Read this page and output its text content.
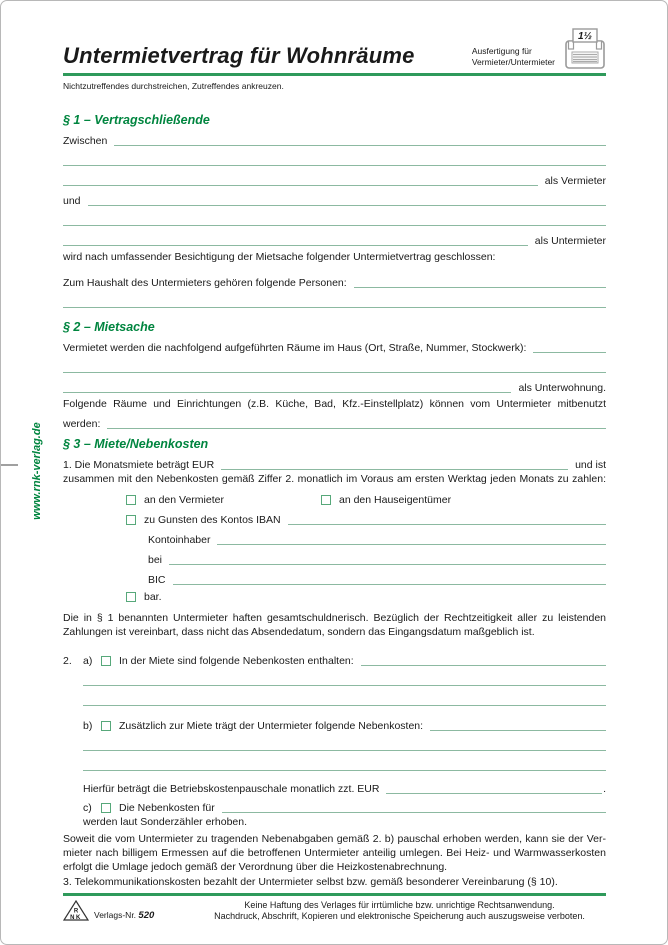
www.rnk-verlag.de
Untermietvertrag für Wohnräume	Ausfertigung für
Vermieter/Untermieter
1½
Nichtzutreffendes durchstreichen, Zutreffendes ankreuzen.
§ 1 – Vertragschließende
Zwischen
als Vermieter
und
als Untermieter
wird nach umfassender Besichtigung der Mietsache folgender Untermietvertrag geschlossen:
Zum Haushalt des Untermieters gehören folgende Personen:
§ 2 – Mietsache
Vermietet werden die nachfolgend aufgeführten Räume im Haus (Ort, Straße, Nummer, Stockwerk):
als Unterwohnung.
Folgende Räume und Einrichtungen (z.B. Küche, Bad, Kfz.-Einstellplatz) können vom Untermieter mitbenutzt
werden:
§ 3 – Miete/Nebenkosten
1. Die Monatsmiete beträgt EUR	und ist
zusammen mit den Nebenkosten gemäß Ziffer 2. monatlich im Voraus am ersten Werktag jeden Monats zu zahlen:
an den Vermieter	an den Hauseigentümer
zu Gunsten des Kontos IBAN
Kontoinhaber
bei
BIC
bar.
Die in § 1 benannten Untermieter haften gesamtschuldnerisch. Bezüglich der Rechtzeitigkeit aller zu leistenden
Zahlungen ist vereinbart, dass nicht das Absendedatum, sondern das Eingangsdatum maßgeblich ist.
2.	a)	In der Miete sind folgende Nebenkosten enthalten:
b)	Zusätzlich zur Miete trägt der Untermieter folgende Nebenkosten:
Hierfür beträgt die Betriebskostenpauschale monatlich zzt. EUR	.
c)	Die Nebenkosten für
werden laut Sonderzähler erhoben.
Soweit die vom Untermieter zu tragenden Nebenabgaben gemäß 2. b) pauschal erhoben werden, kann sie der Ver-
mieter nach billigem Ermessen auf die betroffenen Untermieter anteilig umlegen. Bei Heiz- und Warmwasserkosten
erfolgt die Umlage jedoch gemäß der Verordnung über die Heizkostenabrechnung.
3. Telekommunikationskosten bezahlt der Untermieter selbst bzw. gemäß besonderer Vereinbarung (§ 10).
R
NK Verlags-Nr. 520
Keine Haftung des Verlages für irrtümliche bzw. unrichtige Rechtsanwendung.
Nachdruck, Abschrift, Kopieren und elektronische Speicherung auch auszugsweise verboten.
